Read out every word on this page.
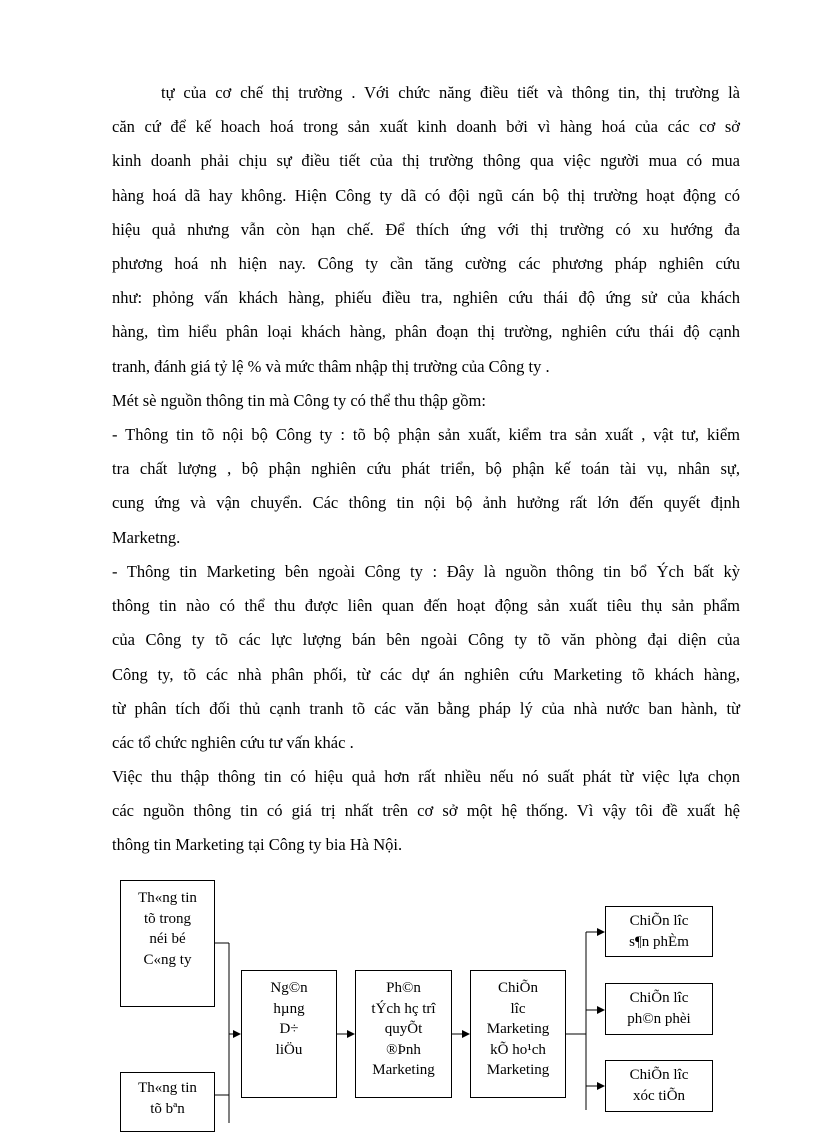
tự của cơ chế thị trường . Với chức năng điều tiết và thông tin, thị trường là
căn cứ để kế hoach hoá trong sản xuất kinh doanh bởi vì hàng hoá của các cơ sở
kinh doanh phải chịu sự điều tiết của thị trường thông qua việc người mua có mua
hàng hoá dã hay không. Hiện Công ty dã có đội ngũ cán bộ thị trường hoạt động có
hiệu quả nhưng vẫn còn hạn chế. Để thích ứng với thị trường có xu hướng đa
phương hoá nh hiện nay. Công ty cần tăng cường các phương pháp nghiên cứu
như: phỏng vấn khách hàng, phiếu điều tra, nghiên cứu thái độ ứng sử của khách
hàng, tìm hiểu phân loại khách hàng, phân đoạn thị trường, nghiên cứu thái độ cạnh
tranh, đánh giá tỷ lệ % và mức thâm nhập thị trường của Công ty .
Mét sè nguồn thông tin mà Công ty có thể thu thập gồm:
- Thông tin tõ nội bộ Công ty : tõ bộ phận sản xuất, kiểm tra sản xuất , vật tư, kiểm
tra chất lượng , bộ phận nghiên cứu phát triển, bộ phận kế toán tài vụ, nhân sự,
cung ứng và vận chuyển. Các thông tin nội bộ ảnh hưởng rất lớn đến quyết định
Marketng.
- Thông tin Marketing bên ngoài Công ty : Đây là nguồn thông tin bổ Ých bất kỳ
thông tin nào có thể thu được liên quan đến hoạt động sản xuất tiêu thụ sản phẩm
của Công ty tõ các lực lượng bán bên ngoài Công ty tõ văn phòng đại diện của
Công ty, tõ các nhà phân phối, từ các dự án nghiên cứu Marketing tõ khách hàng,
từ phân tích đối thủ cạnh tranh tõ các văn bằng pháp lý của nhà nước ban hành, từ
các tổ chức nghiên cứu tư vấn khác .
Việc thu thập thông tin có hiệu quả hơn rất nhiều nếu nó suất phát từ việc lựa chọn
các nguồn thông tin có giá trị nhất trên cơ sở một hệ thống. Vì vậy tôi đề xuất hệ
thông tin Marketing tại Công ty bia Hà Nội.
Th«ng tin
tõ trong
néi bé
C«ng ty
Th«ng tin
tõ bªn
Ng©n
hµng
D÷
liÖu
Ph©n
tÝch hç trî
quyÕt
®Þnh
Marketing
ChiÕn
lîc
Marketing
kÕ ho¹ch
Marketing
ChiÕn lîc
s¶n phÈm
ChiÕn lîc
ph©n phèi
ChiÕn lîc
xóc tiÕn
